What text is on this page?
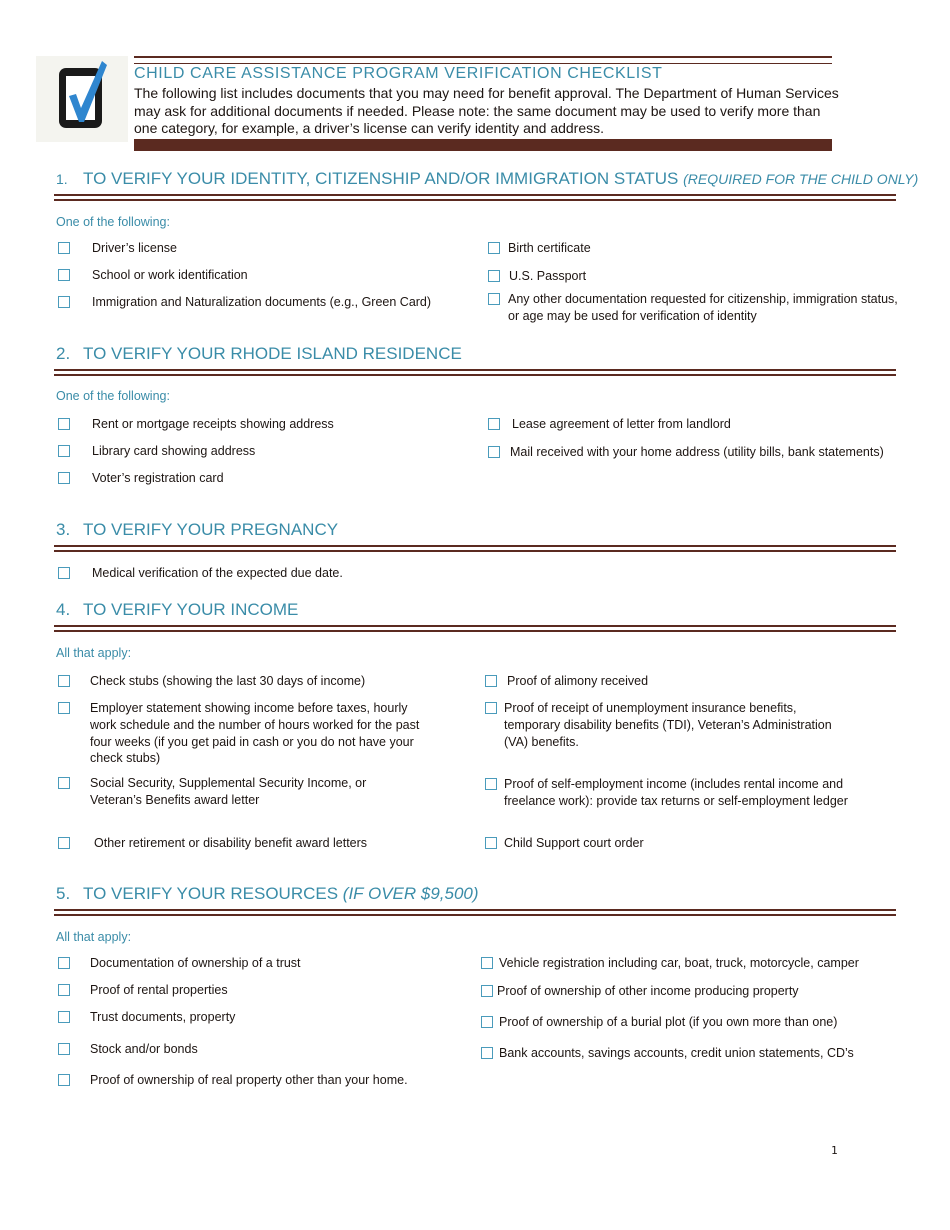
CHILD CARE ASSISTANCE PROGRAM VERIFICATION CHECKLIST
The following list includes documents that you may need for benefit approval. The Department of Human Services may ask for additional documents if needed. Please note: the same document may be used to verify more than one category, for example, a driver’s license can verify identity and address.
1. TO VERIFY YOUR IDENTITY, CITIZENSHIP AND/OR IMMIGRATION STATUS (REQUIRED FOR THE CHILD ONLY)
One of the following:
Driver’s license
School or work identification
Immigration and Naturalization documents (e.g., Green Card)
Birth certificate
U.S. Passport
Any other documentation requested for citizenship, immigration status, or age may be used for verification of identity
2. TO VERIFY YOUR RHODE ISLAND RESIDENCE
One of the following:
Rent or mortgage receipts showing address
Library card showing address
Voter’s registration card
Lease agreement of letter from landlord
Mail received with your home address (utility bills, bank statements)
3. TO VERIFY YOUR PREGNANCY
Medical verification of the expected due date.
4. TO VERIFY YOUR INCOME
All that apply:
Check stubs (showing the last 30 days of income)
Employer statement showing income before taxes, hourly work schedule and the number of hours worked for the past four weeks (if you get paid in cash or you do not have your check stubs)
Social Security, Supplemental Security Income, or Veteran’s Benefits award letter
Other retirement or disability benefit award letters
Proof of alimony received
Proof of receipt of unemployment insurance benefits, temporary disability benefits (TDI), Veteran’s Administration (VA) benefits.
Proof of self-employment income (includes rental income and freelance work): provide tax returns or self-employment ledger
Child Support court order
5. TO VERIFY YOUR RESOURCES (IF OVER $9,500)
All that apply:
Documentation of ownership of a trust
Proof of rental properties
Trust documents, property
Stock and/or bonds
Proof of ownership of real property other than your home.
Vehicle registration including car, boat, truck, motorcycle, camper
Proof of ownership of other income producing property
Proof of ownership of a burial plot (if you own more than one)
Bank accounts, savings accounts, credit union statements, CD’s
1
